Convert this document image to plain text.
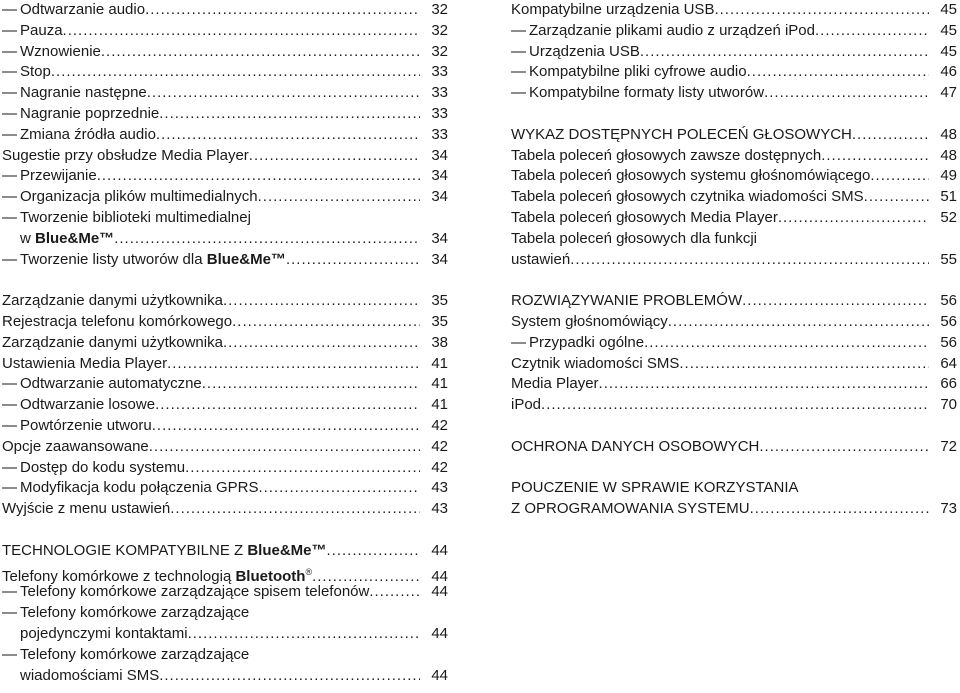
— Odtwarzanie audio .....	32
— Pauza .....	32
— Wznowienie .....	32
— Stop .....	33
— Nagranie następne .....	33
— Nagranie poprzednie .....	33
— Zmiana źródła audio .....	33
Sugestie przy obsłudze Media Player .....	34
— Przewijanie .....	34
— Organizacja plików multimedialnych .....	34
— Tworzenie biblioteki multimedialnej
w Blue&Me™ .....	34
— Tworzenie listy utworów dla Blue&Me™ .....	34
Zarządzanie danymi użytkownika .....	35
Rejestracja telefonu komórkowego .....	35
Zarządzanie danymi użytkownika .....	38
Ustawienia Media Player .....	41
— Odtwarzanie automatyczne .....	41
— Odtwarzanie losowe .....	41
— Powtórzenie utworu .....	42
Opcje zaawansowane .....	42
— Dostęp do kodu systemu .....	42
— Modyfikacja kodu połączenia GPRS .....	43
Wyjście z menu ustawień .....	43
TECHNOLOGIE KOMPATYBILNE Z Blue&Me™ .....	44
Telefony komórkowe z technologią Bluetooth® .....	44
— Telefony komórkowe zarządzające spisem telefonów .....	44
— Telefony komórkowe zarządzające
pojedynczymi kontaktami .....	44
— Telefony komórkowe zarządzające
wiadomościami SMS .....	44
Kompatybilne urządzenia USB .....	45
— Zarządzanie plikami audio z urządzeń iPod .....	45
— Urządzenia USB .....	45
— Kompatybilne pliki cyfrowe audio .....	46
— Kompatybilne formaty listy utworów .....	47
WYKAZ DOSTĘPNYCH POLECEŃ GŁOSOWYCH .....	48
Tabela poleceń głosowych zawsze dostępnych .....	48
Tabela poleceń głosowych systemu głośnomówiącego .....	49
Tabela poleceń głosowych czytnika wiadomości SMS .....	51
Tabela poleceń głosowych Media Player .....	52
Tabela poleceń głosowych dla funkcji
ustawień .....	55
ROZWIĄZYWANIE PROBLEMÓW .....	56
System głośnomówiący .....	56
— Przypadki ogólne .....	56
Czytnik wiadomości SMS .....	64
Media Player .....	66
iPod .....	70
OCHRONA DANYCH OSOBOWYCH .....	72
POUCZENIE W SPRAWIE KORZYSTANIA
Z OPROGRAMOWANIA SYSTEMU .....	73
